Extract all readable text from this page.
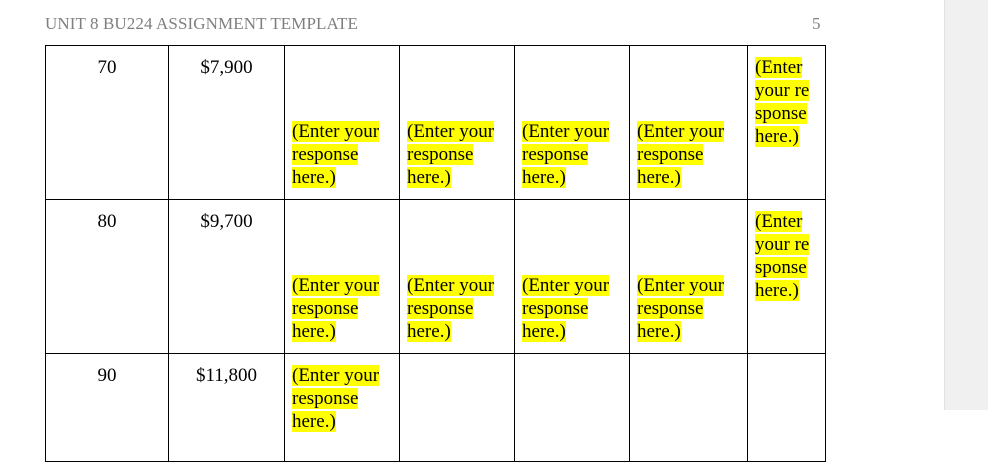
UNIT 8 BU224 ASSIGNMENT TEMPLATE	5
70	$7,900	(Enter your response here.)	(Enter your response here.)	(Enter your response here.)	(Enter your response here.)	(Enter your response here.)

80	$9,700	(Enter your response here.)	(Enter your response here.)	(Enter your response here.)	(Enter your response here.)	(Enter your response here.)

90	$11,800	(Enter your response here.)				
